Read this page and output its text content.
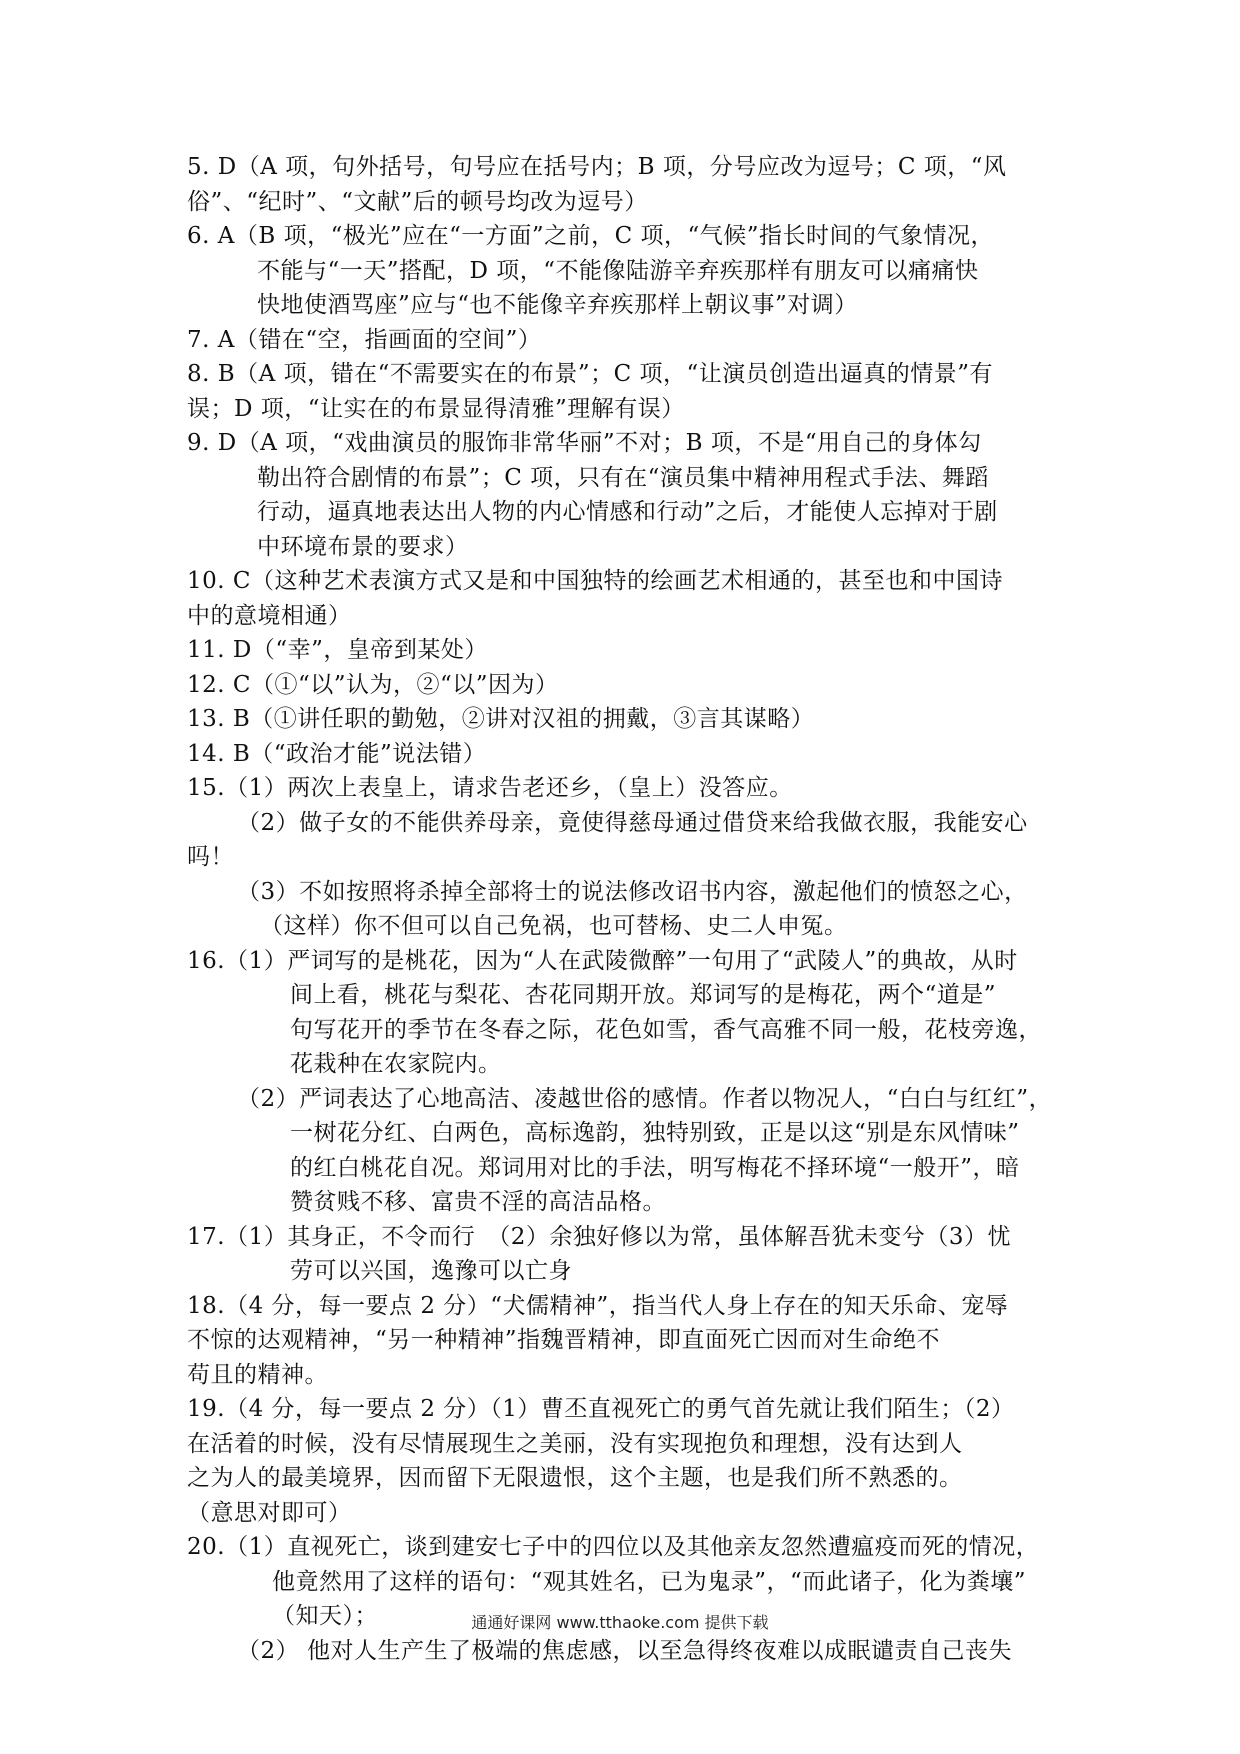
5. D（A 项，句外括号，句号应在括号内；B 项，分号应改为逗号；C 项，“风
俗”、“纪时”、“文献”后的顿号均改为逗号）
6. A（B 项，“极光”应在“一方面”之前，C 项，“气候”指长时间的气象情况，
不能与“一天”搭配，D 项，“不能像陆游辛弃疾那样有朋友可以痛痛快
快地使酒骂座”应与“也不能像辛弃疾那样上朝议事”对调）
7. A（错在“空，指画面的空间”）
8. B（A 项，错在“不需要实在的布景”；C 项，“让演员创造出逼真的情景”有
误；D 项，“让实在的布景显得清雅”理解有误）
9. D（A 项，“戏曲演员的服饰非常华丽”不对；B 项，不是“用自己的身体勾
勒出符合剧情的布景”；C 项，只有在“演员集中精神用程式手法、舞蹈
行动，逼真地表达出人物的内心情感和行动”之后，才能使人忘掉对于剧
中环境布景的要求）
10. C（这种艺术表演方式又是和中国独特的绘画艺术相通的，甚至也和中国诗
中的意境相通）
11. D（“幸”，皇帝到某处）
12. C（①“以”认为，②“以”因为）
13. B（①讲任职的勤勉，②讲对汉祖的拥戴，③言其谋略）
14. B（“政治才能”说法错）
15.（1）两次上表皇上，请求告老还乡，（皇上）没答应。
（2）做子女的不能供养母亲，竟使得慈母通过借贷来给我做衣服，我能安心
吗！
（3）不如按照将杀掉全部将士的说法修改诏书内容，激起他们的愤怒之心，
（这样）你不但可以自己免祸，也可替杨、史二人申冤。
16.（1）严词写的是桃花，因为“人在武陵微醉”一句用了“武陵人”的典故，从时
间上看，桃花与梨花、杏花同期开放。郑词写的是梅花，两个“道是”
句写花开的季节在冬春之际，花色如雪，香气高雅不同一般，花枝旁逸，
花栽种在农家院内。
（2）严词表达了心地高洁、凌越世俗的感情。作者以物况人，“白白与红红”，
一树花分红、白两色，高标逸韵，独特别致，正是以这“别是东风情味”
的红白桃花自况。郑词用对比的手法，明写梅花不择环境“一般开”，暗
赞贫贱不移、富贵不淫的高洁品格。
17.（1）其身正，不令而行　（2）余独好修以为常，虽体解吾犹未变兮（3）忧
劳可以兴国，逸豫可以亡身
18.（4 分，每一要点 2 分）“犬儒精神”，指当代人身上存在的知天乐命、宠辱
不惊的达观精神，“另一种精神”指魏晋精神，即直面死亡因而对生命绝不
苟且的精神。
19.（4 分，每一要点 2 分）（1）曹丕直视死亡的勇气首先就让我们陌生；（2）
在活着的时候，没有尽情展现生之美丽，没有实现抱负和理想，没有达到人
之为人的最美境界，因而留下无限遗恨，这个主题，也是我们所不熟悉的。
（意思对即可）
20.（1）直视死亡，谈到建安七子中的四位以及其他亲友忽然遭瘟疫而死的情况，
他竟然用了这样的语句：“观其姓名，已为鬼录”，“而此诸子，化为粪壤”
（知天）；
（2） 他对人生产生了极端的焦虑感，以至急得终夜难以成眠谴责自己丧失
通通好课网 www.tthaoke.com 提供下载
